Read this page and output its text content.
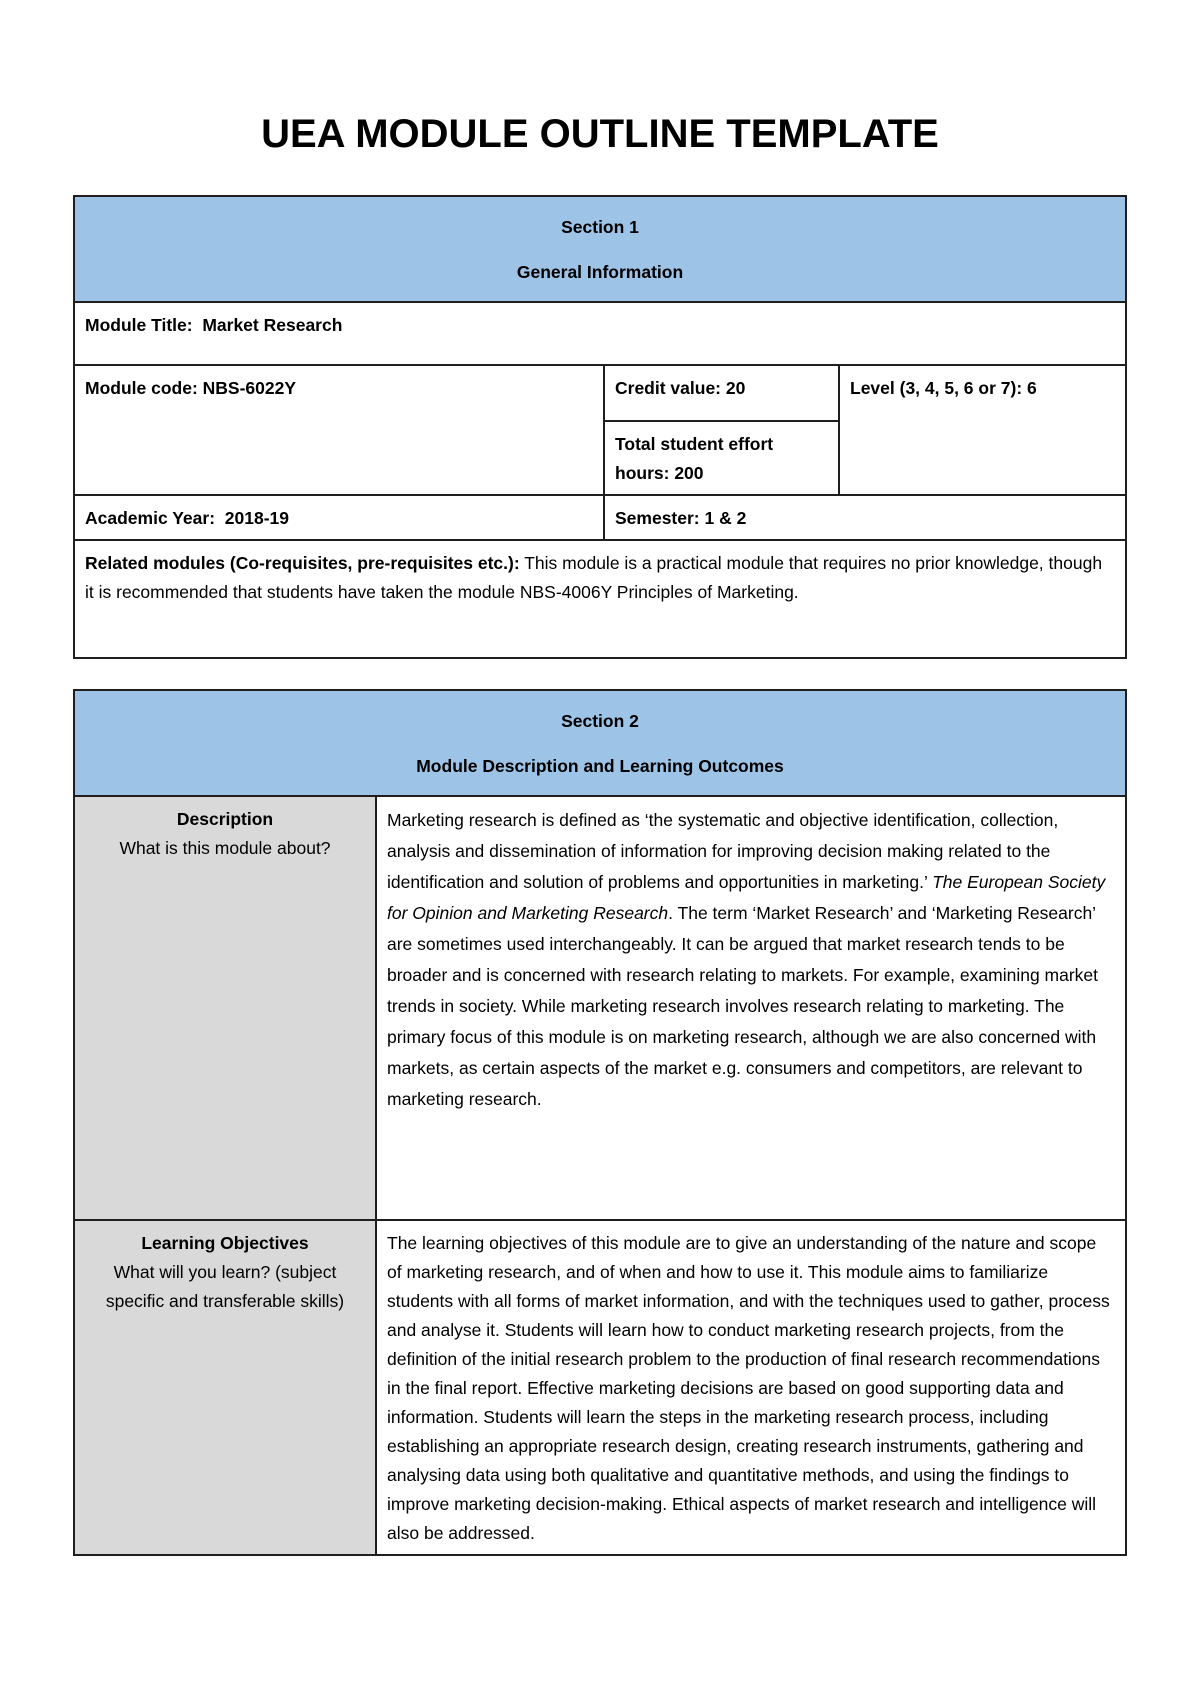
UEA MODULE OUTLINE TEMPLATE
Section 1
General Information		

Module Title: Market Research		
Module code: NBS-6022Y	Credit value: 20	Level (3, 4, 5, 6 or 7): 6
	Total student effort hours: 200	
Academic Year: 2018-19	Semester: 1 & 2	
Related modules (Co-requisites, pre-requisites etc.): This module is a practical module that requires no prior knowledge, though it is recommended that students have taken the module NBS-4006Y Principles of Marketing.		
Section 2
Module Description and Learning Outcomes	

Description
What is this module about?	Marketing research is defined as ‘the systematic and objective identification, collection, analysis and dissemination of information for improving decision making related to the identification and solution of problems and opportunities in marketing.’ The European Society for Opinion and Marketing Research. The term ‘Market Research’ and ‘Marketing Research’ are sometimes used interchangeably. It can be argued that market research tends to be broader and is concerned with research relating to markets. For example, examining market trends in society. While marketing research involves research relating to marketing. The primary focus of this module is on marketing research, although we are also concerned with markets, as certain aspects of the market e.g. consumers and competitors, are relevant to marketing research.

Learning Objectives
What will you learn? (subject specific and transferable skills)	The learning objectives of this module are to give an understanding of the nature and scope of marketing research, and of when and how to use it. This module aims to familiarize students with all forms of market information, and with the techniques used to gather, process and analyse it. Students will learn how to conduct marketing research projects, from the definition of the initial research problem to the production of final research recommendations in the final report. Effective marketing decisions are based on good supporting data and information. Students will learn the steps in the marketing research process, including establishing an appropriate research design, creating research instruments, gathering and analysing data using both qualitative and quantitative methods, and using the findings to improve marketing decision-making. Ethical aspects of market research and intelligence will also be addressed.
